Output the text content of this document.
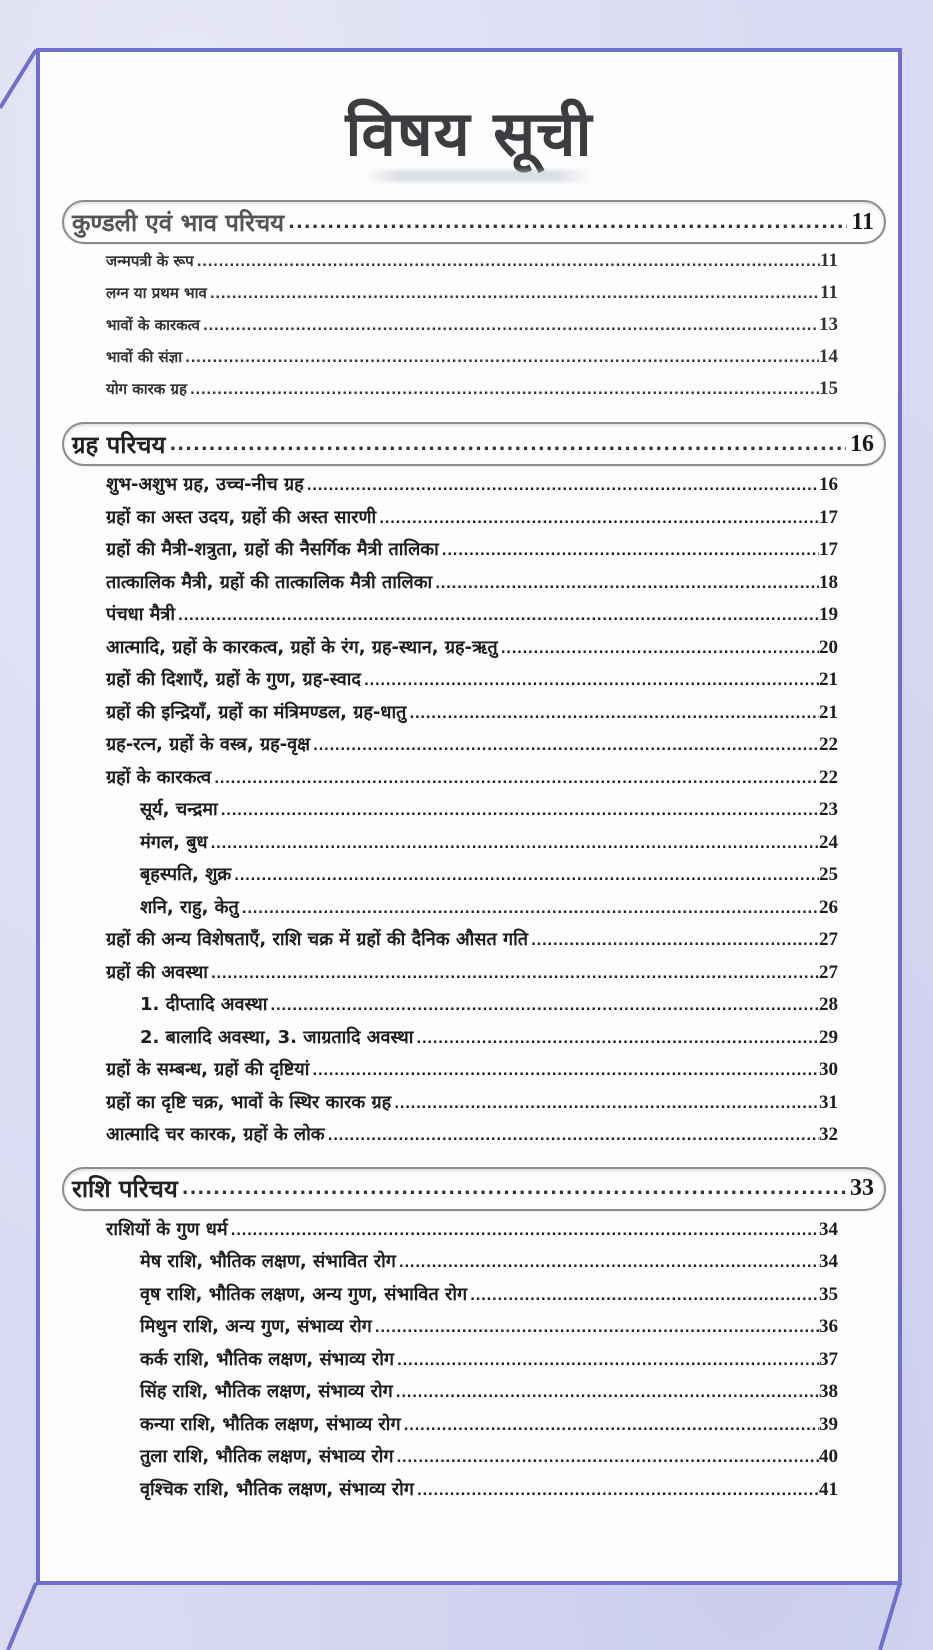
विषय सूची
कुण्डली एवं भाव परिचय .....	11
जन्मपत्री के रूप .....	11
लग्न या प्रथम भाव .....	11
भावों के कारकत्व .....	13
भावों की संज्ञा .....	14
योग कारक ग्रह .....	15
ग्रह परिचय .....	16
शुभ-अशुभ ग्रह, उच्च-नीच ग्रह .....	16
ग्रहों का अस्त उदय, ग्रहों की अस्त सारणी .....	17
ग्रहों की मैत्री-शत्रुता, ग्रहों की नैसर्गिक मैत्री तालिका .....	17
तात्कालिक मैत्री, ग्रहों की तात्कालिक मैत्री तालिका .....	18
पंचधा मैत्री .....	19
आत्मादि, ग्रहों के कारकत्व, ग्रहों के रंग, ग्रह-स्थान, ग्रह-ऋतु .....	20
ग्रहों की दिशाएँ, ग्रहों के गुण, ग्रह-स्वाद .....	21
ग्रहों की इन्द्रियाँ, ग्रहों का मंत्रिमण्डल, ग्रह-धातु .....	21
ग्रह-रत्न, ग्रहों के वस्त्र, ग्रह-वृक्ष .....	22
ग्रहों के कारकत्व .....	22
सूर्य, चन्द्रमा .....	23
मंगल, बुध .....	24
बृहस्पति, शुक्र .....	25
शनि, राहु, केतु .....	26
ग्रहों की अन्य विशेषताएँ, राशि चक्र में ग्रहों की दैनिक औसत गति .....	27
ग्रहों की अवस्था .....	27
1. दीप्तादि अवस्था .....	28
2. बालादि अवस्था, 3. जाग्रतादि अवस्था .....	29
ग्रहों के सम्बन्ध, ग्रहों की दृष्टियां .....	30
ग्रहों का दृष्टि चक्र, भावों के स्थिर कारक ग्रह .....	31
आत्मादि चर कारक, ग्रहों के लोक .....	32
राशि परिचय .....	33
राशियों के गुण धर्म .....	34
मेष राशि, भौतिक लक्षण, संभावित रोग .....	34
वृष राशि, भौतिक लक्षण, अन्य गुण, संभावित रोग .....	35
मिथुन राशि, अन्य गुण, संभाव्य रोग .....	36
कर्क राशि, भौतिक लक्षण, संभाव्य रोग .....	37
सिंह राशि, भौतिक लक्षण, संभाव्य रोग .....	38
कन्या राशि, भौतिक लक्षण, संभाव्य रोग .....	39
तुला राशि, भौतिक लक्षण, संभाव्य रोग .....	40
वृश्चिक राशि, भौतिक लक्षण, संभाव्य रोग .....	41
